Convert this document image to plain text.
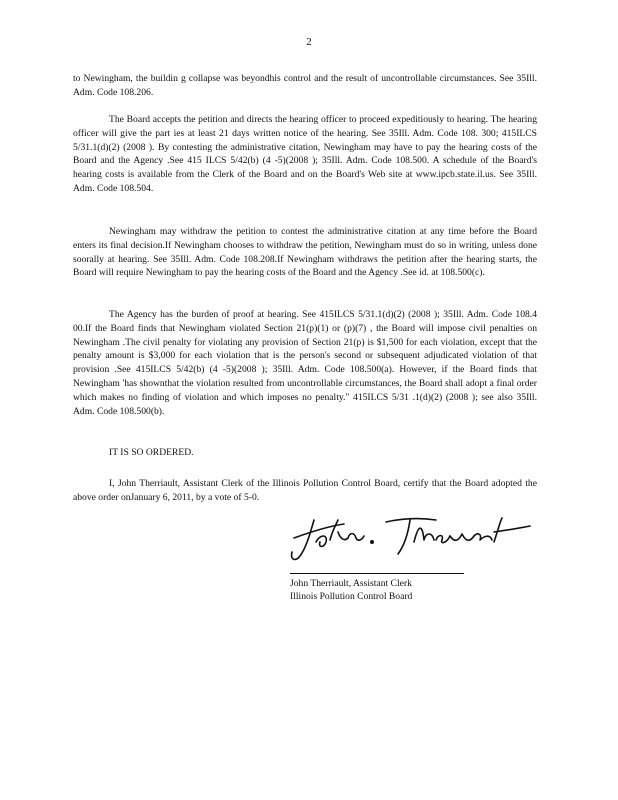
2

to Newingham, the buildin g collapse was beyondhis control and the result of uncontrollable circumstances. See 35Ill. Adm. Code 108.206.

The Board accepts the petition and directs the hearing officer to proceed expeditiously to hearing. The hearing officer will give the part ies at least 21 days written notice of the hearing. See 35Ill. Adm. Code 108. 300; 415ILCS 5/31.1(d)(2) (2008 ). By contesting the administrative citation, Newingham may have to pay the hearing costs of the Board and the Agency .See 415 ILCS 5/42(b) (4 -5)(2008 ); 35Ill. Adm. Code 108.500. A schedule of the Board's hearing costs is available from the Clerk of the Board and on the Board's Web site at www.ipcb.state.il.us. See 35Ill. Adm. Code 108.504.

Newingham may withdraw the petition to contest the administrative citation at any time before the Board enters its final decision.If Newingham chooses to withdraw the petition, Newingham must do so in writing, unless done soorally at hearing. See 35Ill. Adm. Code 108.208.If Newingham withdraws the petition after the hearing starts, the Board will require Newingham to pay the hearing costs of the Board and the Agency .See id. at 108.500(c).

The Agency has the burden of proof at hearing. See 415ILCS 5/31.1(d)(2) (2008 ); 35Ill. Adm. Code 108.4 00.If the Board finds that Newingham violated Section 21(p)(1) or (p)(7) , the Board will impose civil penalties on Newingham .The civil penalty for violating any provision of Section 21(p) is $1,500 for each violation, except that the penalty amount is $3,000 for each violation that is the person's second or subsequent adjudicated violation of that provision .See 415ILCS 5/42(b) (4 -5)(2008 ); 35Ill. Adm. Code 108.500(a). However, if the Board finds that Newingham 'has shownthat the violation resulted from uncontrollable circumstances, the Board shall adopt a final order which makes no finding of violation and which imposes no penalty." 415ILCS 5/31 .1(d)(2) (2008 ); see also 35Ill. Adm. Code 108.500(b).

IT IS SO ORDERED.

I, John Therriault, Assistant Clerk of the Illinois Pollution Control Board, certify that the Board adopted the above order onJanuary 6, 2011, by a vote of 5-0.

John Therriault, Assistant Clerk
Illinois Pollution Control Board
